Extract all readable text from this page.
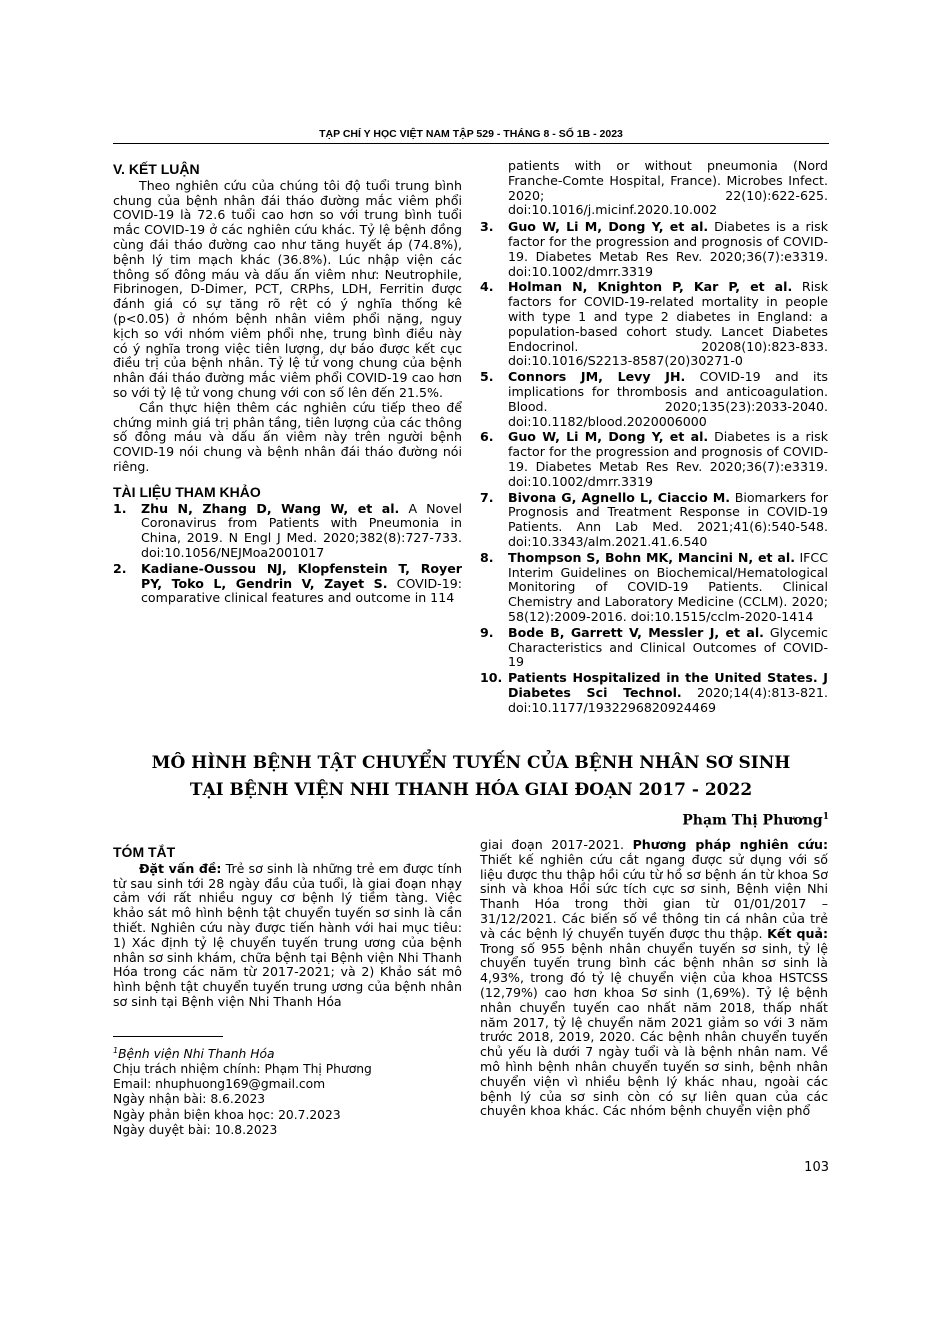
TẠP CHÍ Y HỌC VIỆT NAM TẬP 529 - THÁNG 8 - SỐ 1B - 2023
V. KẾT LUẬN

Theo nghiên cứu của chúng tôi độ tuổi trung bình chung của bệnh nhân đái tháo đường mắc viêm phổi COVID-19 là 72.6 tuổi cao hơn so với trung bình tuổi mắc COVID-19 ở các nghiên cứu khác. Tỷ lệ bệnh đồng cùng đái tháo đường cao như tăng huyết áp (74.8%), bệnh lý tim mạch khác (36.8%). Lúc nhập viện các thông số đông máu và dấu ấn viêm như: Neutrophile, Fibrinogen, D-Dimer, PCT, CRPhs, LDH, Ferritin được đánh giá có sự tăng rõ rệt có ý nghĩa thống kê (p<0.05) ở nhóm bệnh nhân viêm phổi nặng, nguy kịch so với nhóm viêm phổi nhẹ, trung bình điều này có ý nghĩa trong việc tiên lượng, dự báo được kết cục điều trị của bệnh nhân. Tỷ lệ tử vong chung của bệnh nhân đái tháo đường mắc viêm phổi COVID-19 cao hơn so với tỷ lệ tử vong chung với con số lên đến 21.5%.

Cần thực hiện thêm các nghiên cứu tiếp theo để chứng minh giá trị phân tầng, tiên lượng của các thông số đông máu và dấu ấn viêm này trên người bệnh COVID-19 nói chung và bệnh nhân đái tháo đường nói riêng.

TÀI LIỆU THAM KHẢO
1.	Zhu N, Zhang D, Wang W, et al. A Novel Coronavirus from Patients with Pneumonia in China, 2019. N Engl J Med. 2020;382(8):727-733. doi:10.1056/NEJMoa2001017
2.	Kadiane-Oussou NJ, Klopfenstein T, Royer PY, Toko L, Gendrin V, Zayet S. COVID-19: comparative clinical features and outcome in 114

patients with or without pneumonia (Nord Franche-Comte Hospital, France). Microbes Infect. 2020; 22(10):622-625. doi:10.1016/j.micinf.2020.10.002

3.	Guo W, Li M, Dong Y, et al. Diabetes is a risk factor for the progression and prognosis of COVID-19. Diabetes Metab Res Rev. 2020;36(7):e3319. doi:10.1002/dmrr.3319
4.	Holman N, Knighton P, Kar P, et al. Risk factors for COVID-19-related mortality in people with type 1 and type 2 diabetes in England: a population-based cohort study. Lancet Diabetes Endocrinol. 20208(10):823-833. doi:10.1016/S2213-8587(20)30271-0
5.	Connors JM, Levy JH. COVID-19 and its implications for thrombosis and anticoagulation. Blood. 2020;135(23):2033-2040. doi:10.1182/blood.2020006000
6.	Guo W, Li M, Dong Y, et al. Diabetes is a risk factor for the progression and prognosis of COVID-19. Diabetes Metab Res Rev. 2020;36(7):e3319. doi:10.1002/dmrr.3319
7.	Bivona G, Agnello L, Ciaccio M. Biomarkers for Prognosis and Treatment Response in COVID-19 Patients. Ann Lab Med. 2021;41(6):540-548. doi:10.3343/alm.2021.41.6.540
8.	Thompson S, Bohn MK, Mancini N, et al. IFCC Interim Guidelines on Biochemical/Hematological Monitoring of COVID-19 Patients. Clinical Chemistry and Laboratory Medicine (CCLM). 2020; 58(12):2009-2016. doi:10.1515/cclm-2020-1414
9.	Bode B, Garrett V, Messler J, et al. Glycemic Characteristics and Clinical Outcomes of COVID-19
10. Patients Hospitalized in the United States. J Diabetes Sci Technol. 2020;14(4):813-821. doi:10.1177/1932296820924469
MÔ HÌNH BỆNH TẬT CHUYỂN TUYẾN CỦA BỆNH NHÂN SƠ SINH
TẠI BỆNH VIỆN NHI THANH HÓA GIAI ĐOẠN 2017 - 2022
Phạm Thị Phương$^1$
TÓM TẮT

Đặt vấn đề: Trẻ sơ sinh là những trẻ em được tính từ sau sinh tới 28 ngày đầu của tuổi, là giai đoạn nhạy cảm với rất nhiều nguy cơ bệnh lý tiềm tàng. Việc khảo sát mô hình bệnh tật chuyển tuyến sơ sinh là cần thiết. Nghiên cứu này được tiến hành với hai mục tiêu: 1) Xác định tỷ lệ chuyển tuyến trung ương của bệnh nhân sơ sinh khám, chữa bệnh tại Bệnh viện Nhi Thanh Hóa trong các năm từ 2017-2021; và 2) Khảo sát mô hình bệnh tật chuyển tuyến trung ương của bệnh nhân sơ sinh tại Bệnh viện Nhi Thanh Hóa

$^1$Bệnh viện Nhi Thanh Hóa

Chịu trách nhiệm chính: Phạm Thị Phương

Email: nhuphuong169@gmail.com

Ngày nhận bài: 8.6.2023

Ngày phản biện khoa học: 20.7.2023

Ngày duyệt bài: 10.8.2023

giai đoạn 2017-2021. Phương pháp nghiên cứu: Thiết kế nghiên cứu cắt ngang được sử dụng với số liệu được thu thập hồi cứu từ hồ sơ bệnh án từ khoa Sơ sinh và khoa Hồi sức tích cực sơ sinh, Bệnh viện Nhi Thanh Hóa trong thời gian từ 01/01/2017 – 31/12/2021. Các biến số về thông tin cá nhân của trẻ và các bệnh lý chuyển tuyến được thu thập. Kết quả: Trong số 955 bệnh nhân chuyển tuyến sơ sinh, tỷ lệ chuyển tuyến trung bình các bệnh nhân sơ sinh là 4,93%, trong đó tỷ lệ chuyển viện của khoa HSTCSS (12,79%) cao hơn khoa Sơ sinh (1,69%). Tỷ lệ bệnh nhân chuyển tuyến cao nhất năm 2018, thấp nhất năm 2017, tỷ lệ chuyển năm 2021 giảm so với 3 năm trước 2018, 2019, 2020. Các bệnh nhân chuyển tuyến chủ yếu là dưới 7 ngày tuổi và là bệnh nhân nam. Về mô hình bệnh nhân chuyển tuyến sơ sinh, bệnh nhân chuyển viện vì nhiều bệnh lý khác nhau, ngoài các bệnh lý của sơ sinh còn có sự liên quan của các chuyên khoa khác. Các nhóm bệnh chuyển viện phổ

103
